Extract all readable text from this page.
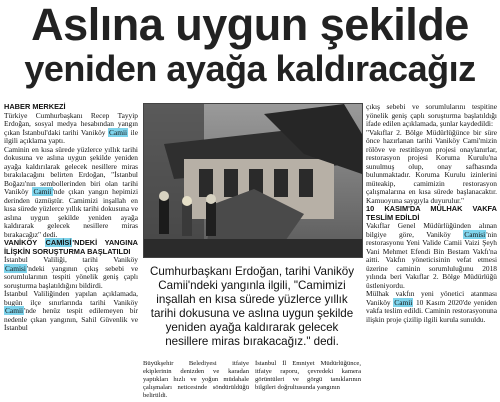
Aslına uygun şekilde
yeniden ayağa kaldıracağız

HABER MERKEZİ

Türkiye Cumhurbaşkanı Recep Tayyip Erdoğan, sosyal medya hesabından yangın çıkan İstanbul'daki tarihi Vaniköy Camii ile ilgili açıklama yaptı.

Caminin en kısa sürede yüzlerce yıllık tarihi dokusuna ve aslına uygun şekilde yeniden ayağa kaldırılarak gelecek nesillere miras bırakılacağını belirten Erdoğan, "İstanbul Boğazı'nın sembollerinden biri olan tarihi Vaniköy Camii'nde çıkan yangın hepimizi derinden üzmüştür. Camimizi inşallah en kısa sürede yüzlerce yıllık tarihi dokusuna ve aslına uygun şekilde yeniden ayağa kaldırarak gelecek nesillere miras bırakacağız" dedi.

VANİKÖY CAMİSİ'NDEKİ YANGINA İLİŞKİN SORUŞTURMA BAŞLATILDI

İstanbul Valiliği, tarihi Vaniköy Camisi'ndeki yangının çıkış sebebi ve sorumlularının tespiti yönelik geniş çaplı soruşturma başlatıldığını bildirdi.

İstanbul Valiliğinden yapılan açıklamada, bugün ilçe sınırlarında tarihi Vaniköy Camii'nde henüz tespit edilemeyen bir nedenle çıkan yangının, Sahil Güvenlik ve İstanbul

Cumhurbaşkanı Erdoğan, tarihi Vaniköy Camii'ndeki yangınla ilgili, "Camimizi inşallah en kısa sürede yüzlerce yıllık tarihi dokusuna ve aslına uygun şekilde yeniden ayağa kaldırarak gelecek nesillere miras bırakacağız." dedi.
Büyükşehir Belediyesi itfaiye ekiplerinin denizden ve karadan yaptıkları hızlı ve yoğun müdahale çalışmaları neticesinde söndürüldüğü belirtildi.
İstanbul İl Emniyet Müdürlüğünce, itfaiye raporu, çevredeki kamera görüntüleri ve görgü tanıklarının bilgileri doğrultusunda yangının

çıkış sebebi ve sorumlularını tespitine yönelik geniş çaplı soruşturma başlatıldığı ifade edilen açıklamada, şunlar kaydedildi:

"Vakıflar 2. Bölge Müdürlüğünce bir süre önce hazırlanan tarihi Vaniköy Cami'mizin rölöve ve restitüsyon projesi onaylanırlar, restorasyon projesi Koruma Kurulu'na sunulmuş olup, onay safhasında bulunmaktadır. Koruma Kurulu izinlerini müteakip, camimizin restorasyon çalışmalarına en kısa sürede başlanacaktır. Kamuoyuna saygıyla duyurulur."

10 KASIM'DA MÜLHAK VAKFA TESLİM EDİLDİ

Vakıflar Genel Müdürlüğünden alınan bilgiye göre, Vaniköy Camisi'nin restorasyonu Yeni Valide Camii Vaizi Şeyh Vani Mehmet Efendi Bin Bestam Vakfı'na aitti. Vakfın yöneticisinin vefat etmesi üzerine caminin sorumluluğunu 2018 yılında beri Vakıflar 2. Bölge Müdürlüğü üstleniyordu.

Mülhak vakfın yeni yönetici atanması Vaniköy Camii 10 Kasım 2020'de yeniden vakfa teslim edildi. Caminin restorasyonuna ilişkin proje çizilip ilgili kurula sunuldu.
